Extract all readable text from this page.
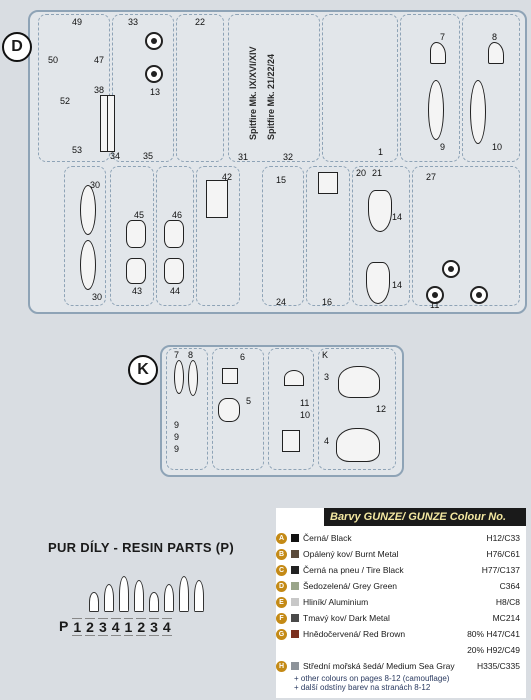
D	Spitfire Mk. IX/XVI/XIV Spitfire Mk. 21/22/24
49	33	22
50	47
38	13
52
53
34	35	31	32	1
7	8
9	10
30
45	46
42
43	44
15
20 21	27
14
14
11
24	16
30
K
7 8	6	K
3
11
10
12
5
9
9
9
4
PUR DÍLY - RESIN PARTS (P)
P 1 2 3 4 1 2 3 4
Barvy GUNZE/ GUNZE Colour No.
A	Černá/ Black	H12/C33
B	Opálený kov/ Burnt Metal	H76/C61
C	Černá na pneu / Tire Black	H77/C137
D	Šedozelená/ Grey Green	C364
E	Hliník/ Aluminium	H8/C8
F	Tmavý kov/ Dark Metal	MC214
G	Hnědočervená/ Red Brown	80% H47/C41
20% H92/C49
H	Střední mořská šedá/ Medium Sea Gray	H335/C335
+ other colours on pages 8-12 (camouflage)
+ další odstíny barev na stranách 8-12
